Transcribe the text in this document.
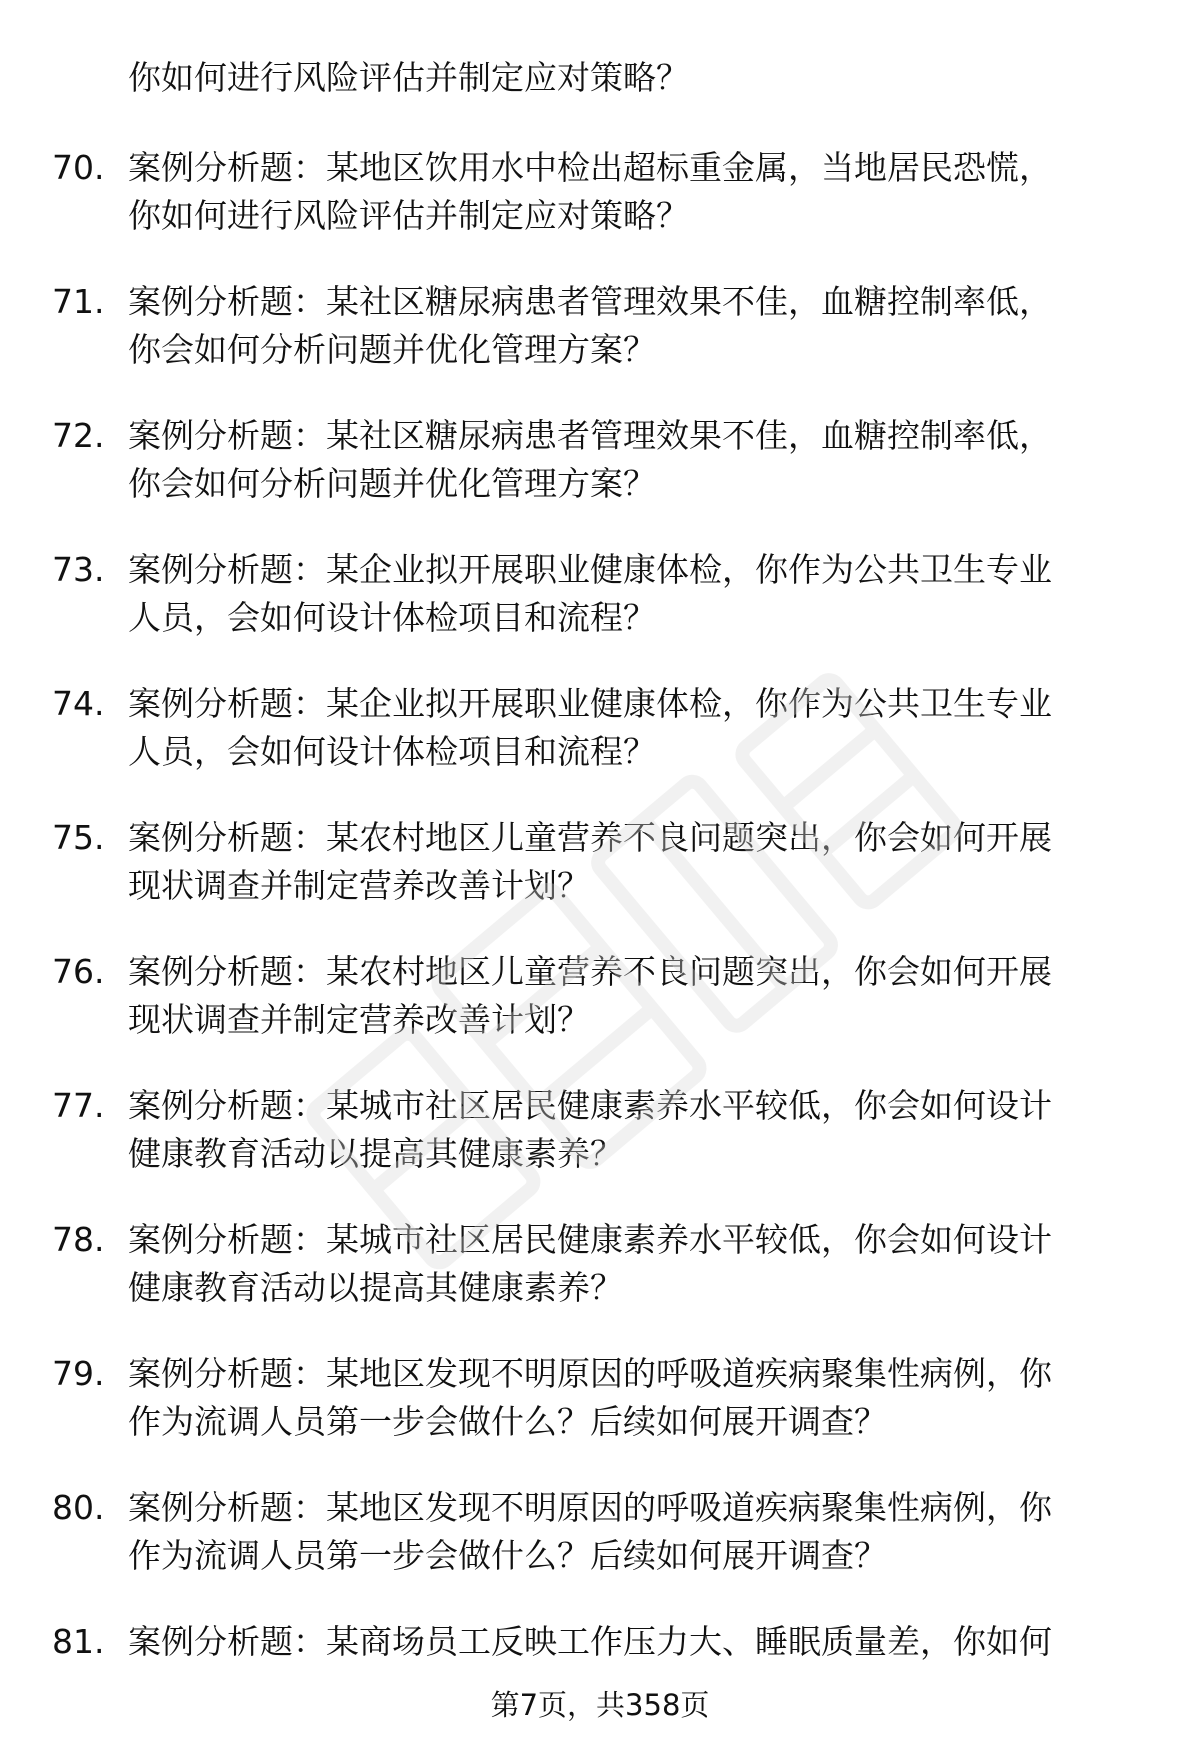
你如何进行风险评估并制定应对策略？
70. 案例分析题：某地区饮用水中检出超标重金属，当地居民恐慌，
你如何进行风险评估并制定应对策略？
71. 案例分析题：某社区糖尿病患者管理效果不佳，血糖控制率低，
你会如何分析问题并优化管理方案？
72. 案例分析题：某社区糖尿病患者管理效果不佳，血糖控制率低，
你会如何分析问题并优化管理方案？
73. 案例分析题：某企业拟开展职业健康体检，你作为公共卫生专业
人员，会如何设计体检项目和流程？
74. 案例分析题：某企业拟开展职业健康体检，你作为公共卫生专业
人员，会如何设计体检项目和流程？
75. 案例分析题：某农村地区儿童营养不良问题突出，你会如何开展
现状调查并制定营养改善计划？
76. 案例分析题：某农村地区儿童营养不良问题突出，你会如何开展
现状调查并制定营养改善计划？
77. 案例分析题：某城市社区居民健康素养水平较低，你会如何设计
健康教育活动以提高其健康素养？
78. 案例分析题：某城市社区居民健康素养水平较低，你会如何设计
健康教育活动以提高其健康素养？
79. 案例分析题：某地区发现不明原因的呼吸道疾病聚集性病例，你
作为流调人员第一步会做什么？后续如何展开调查？
80. 案例分析题：某地区发现不明原因的呼吸道疾病聚集性病例，你
作为流调人员第一步会做什么？后续如何展开调查？
81. 案例分析题：某商场员工反映工作压力大、睡眠质量差，你如何
第7页，共358页
